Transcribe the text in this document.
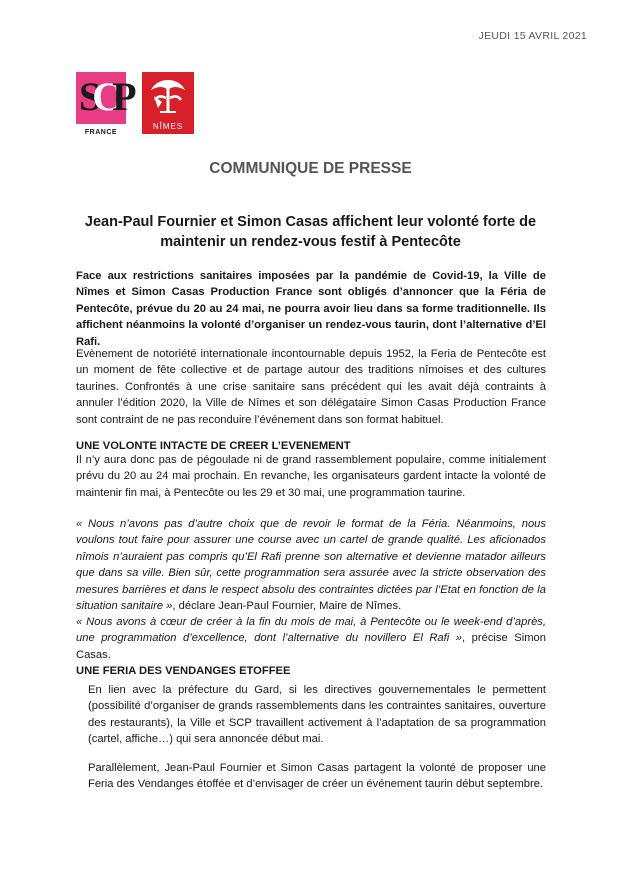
JEUDI 15 AVRIL 2021
SCP
FRANCE
NÎMES
COMMUNIQUE DE PRESSE
Jean-Paul Fournier et Simon Casas affichent leur volonté forte de maintenir un rendez-vous festif à Pentecôte
Face aux restrictions sanitaires imposées par la pandémie de Covid-19, la Ville de Nîmes et Simon Casas Production France sont obligés d’annoncer que la Féria de Pentecôte, prévue du 20 au 24 mai, ne pourra avoir lieu dans sa forme traditionnelle. Ils affichent néanmoins la volonté d’organiser un rendez-vous taurin, dont l’alternative d’El Rafi.
Evènement de notoriété internationale incontournable depuis 1952, la Feria de Pentecôte est un moment de fête collective et de partage autour des traditions nîmoises et des cultures taurines. Confrontés à une crise sanitaire sans précédent qui les avait déjà contraints à annuler l’édition 2020, la Ville de Nîmes et son délégataire Simon Casas Production France sont contraint de ne pas reconduire l’événement dans son format habituel.
UNE VOLONTE INTACTE DE CREER L’EVENEMENT
Il n’y aura donc pas de pégoulade ni de grand rassemblement populaire, comme initialement prévu du 20 au 24 mai prochain. En revanche, les organisateurs gardent intacte la volonté de maintenir fin mai, à Pentecôte ou les 29 et 30 mai, une programmation taurine.
« Nous n’avons pas d’autre choix que de revoir le format de la Féria. Néanmoins, nous voulons tout faire pour assurer une course avec un cartel de grande qualité. Les aficionados nîmois n’auraient pas compris qu’El Rafi prenne son alternative et devienne matador ailleurs que dans sa ville. Bien sûr, cette programmation sera assurée avec la stricte observation des mesures barrières et dans le respect absolu des contraintes dictées par l’Etat en fonction de la situation sanitaire », déclare Jean-Paul Fournier, Maire de Nîmes.
« Nous avons à cœur de créer à la fin du mois de mai, à Pentecôte ou le week-end d’après, une programmation d’excellence, dont l’alternative du novillero El Rafi », précise Simon Casas.
UNE FERIA DES VENDANGES ETOFFEE
En lien avec la préfecture du Gard, si les directives gouvernementales le permettent (possibilité d’organiser de grands rassemblements dans les contraintes sanitaires, ouverture des restaurants), la Ville et SCP travaillent activement à l’adaptation de sa programmation (cartel, affiche…) qui sera annoncée début mai.
Parallèlement, Jean-Paul Fournier et Simon Casas partagent la volonté de proposer une Feria des Vendanges étoffée et d’envisager de créer un événement taurin début septembre.
